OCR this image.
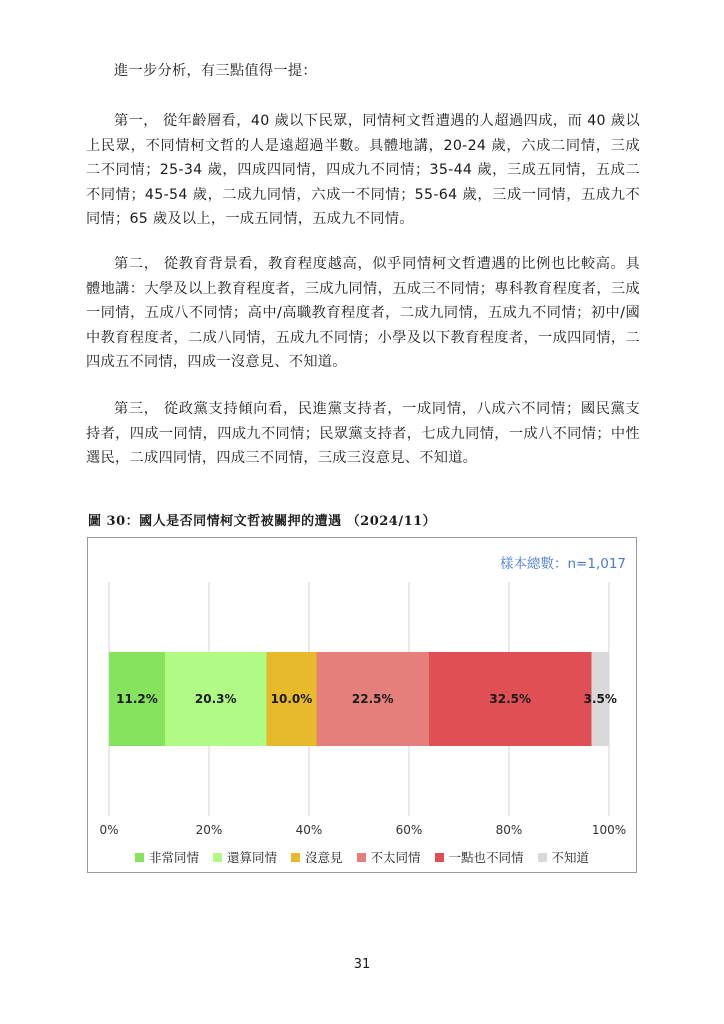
進一步分析，有三點值得一提：

第一， 從年齡層看，40 歲以下民眾，同情柯文哲遭遇的人超過四成，而 40 歲以上民眾，不同情柯文哲的人是遠超過半數。具體地講，20-24 歲，六成二同情，三成二不同情；25-34 歲，四成四同情，四成九不同情；35-44 歲，三成五同情，五成二不同情；45-54 歲，二成九同情，六成一不同情；55-64 歲，三成一同情，五成九不同情；65 歲及以上，一成五同情，五成九不同情。

第二， 從教育背景看，教育程度越高，似乎同情柯文哲遭遇的比例也比較高。具體地講：大學及以上教育程度者，三成九同情，五成三不同情；專科教育程度者，三成一同情，五成八不同情；高中/高職教育程度者，二成九同情，五成九不同情；初中/國中教育程度者，二成八同情，五成九不同情；小學及以下教育程度者，一成四同情，二四成五不同情，四成一沒意見、不知道。

第三， 從政黨支持傾向看，民進黨支持者，一成同情，八成六不同情；國民黨支持者，四成一同情，四成九不同情；民眾黨支持者，七成九同情，一成八不同情；中性選民，二成四同情，四成三不同情，三成三沒意見、不知道。

圖 30：國人是否同情柯文哲被關押的遭遇 （2024/11）
樣本總數：n=1,017
0%	20%	40%	60%	80%	100%
11.2%	20.3%	10.0%	22.5%	32.5%	3.5%
非常同情 還算同情 沒意見 不太同情 一點也不同情 不知道
31
